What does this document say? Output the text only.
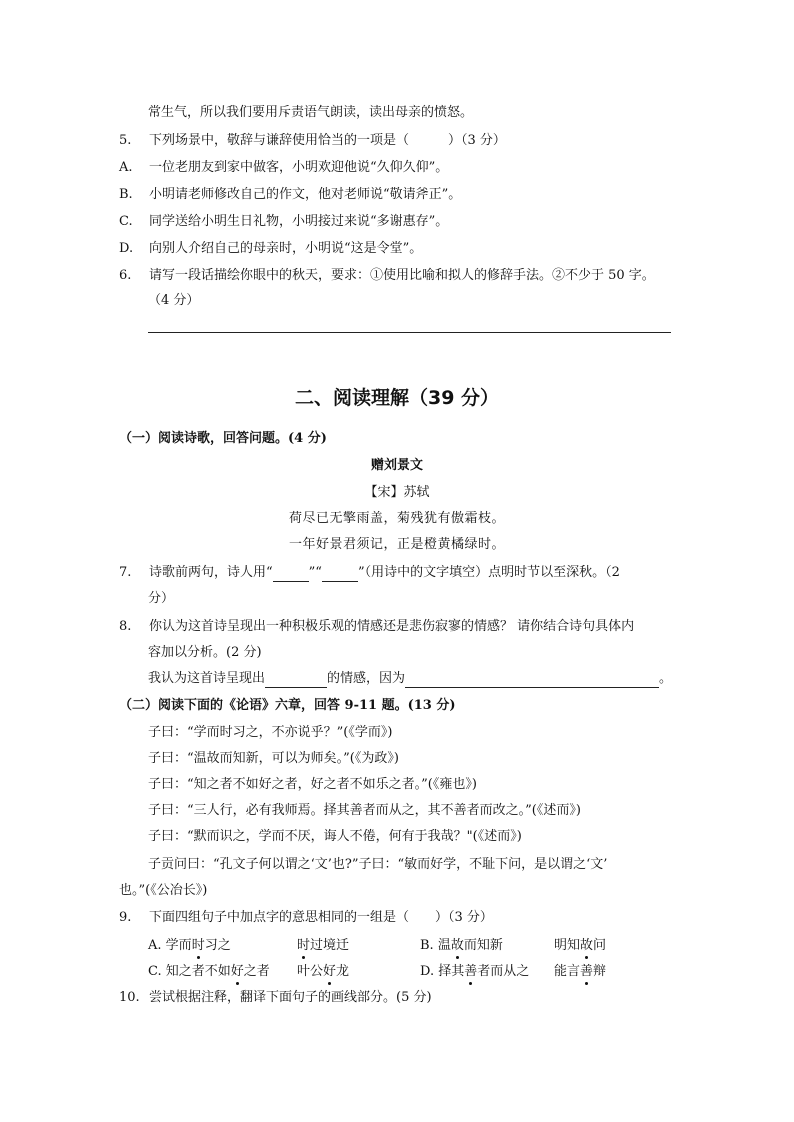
常生气，所以我们要用斥责语气朗读，读出母亲的愤怒。
5. 下列场景中，敬辞与谦辞使用恰当的一项是（　　　）（3 分）
A. 一位老朋友到家中做客，小明欢迎他说“久仰久仰”。
B. 小明请老师修改自己的作文，他对老师说“敬请斧正”。
C. 同学送给小明生日礼物，小明接过来说“多谢惠存”。
D. 向别人介绍自己的母亲时，小明说“这是令堂”。
6. 请写一段话描绘你眼中的秋天，要求：①使用比喻和拟人的修辞手法。②不少于 50 字。
（4 分）
二、阅读理解（39 分）
（一）阅读诗歌，回答问题。(4 分)
赠刘景文
【宋】苏轼
荷尽已无擎雨盖，菊残犹有傲霜枝。
一年好景君须记，正是橙黄橘绿时。
7. 诗歌前两句，诗人用“	”“	”（用诗中的文字填空）点明时节以至深秋。（2
分）
8. 你认为这首诗呈现出一种积极乐观的情感还是悲伤寂寥的情感？ 请你结合诗句具体内
容加以分析。(2 分)
我认为这首诗呈现出	的情感，因为	。
（二）阅读下面的《论语》六章，回答 9-11 题。(13 分)
子曰：“学而时习之，不亦说乎？”(《学而》)
子曰：“温故而知新，可以为师矣。”(《为政》)
子曰：“知之者不如好之者，好之者不如乐之者。”(《雍也》)
子曰：“三人行，必有我师焉。择其善者而从之，其不善者而改之。”(《述而》)
子曰：“默而识之，学而不厌，诲人不倦，何有于我哉？"(《述而》)
子贡问曰：“孔文子何以谓之‘文’也?”子曰：“敏而好学，不耻下问，是以谓之‘文’
也。”(《公冶长》)
9. 下面四组句子中加点字的意思相同的一组是（　　）（3 分）
A. 学而时习之	时过境迁	B. 温故而知新	明知故问
C. 知之者不如好之者 叶公好龙	D. 择其善者而从之 能言善辩
10. 尝试根据注释，翻译下面句子的画线部分。(5 分)
